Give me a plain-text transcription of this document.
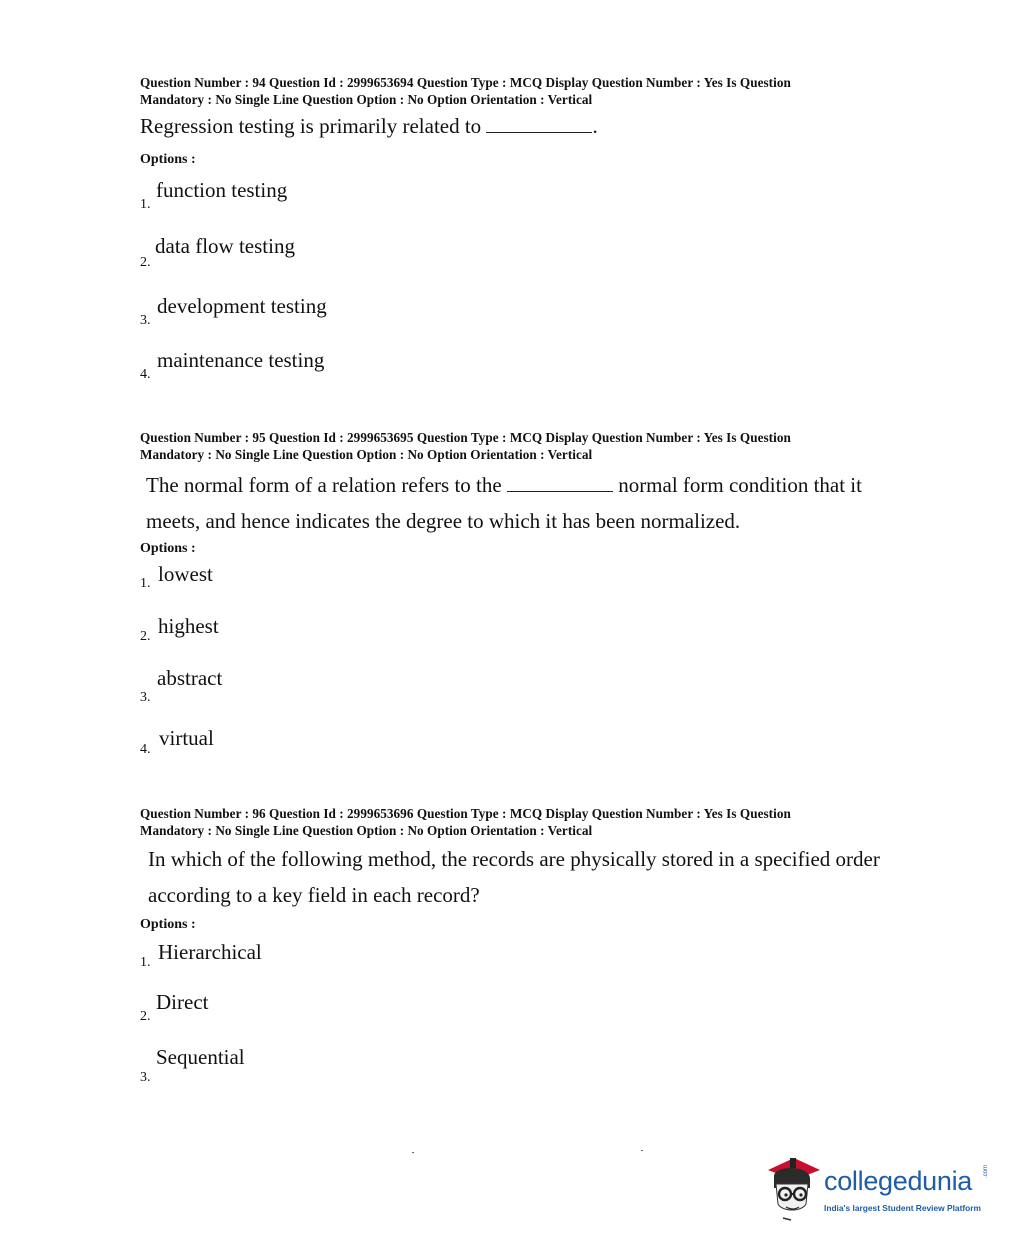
Question Number : 94 Question Id : 2999653694 Question Type : MCQ Display Question Number : Yes Is Question

Mandatory : No Single Line Question Option : No Option Orientation : Vertical

Regression testing is primarily related to	.

Options :
1.
function testing
2.
data flow testing
3.
development testing
4.
maintenance testing

Question Number : 95 Question Id : 2999653695 Question Type : MCQ Display Question Number : Yes Is Question

Mandatory : No Single Line Question Option : No Option Orientation : Vertical

The normal form of a relation refers to the	normal form condition that it

meets, and hence indicates the degree to which it has been normalized.

Options :
1. lowest
2. highest
3.
abstract
4. virtual

Question Number : 96 Question Id : 2999653696 Question Type : MCQ Display Question Number : Yes Is Question

Mandatory : No Single Line Question Option : No Option Orientation : Vertical

In which of the following method, the records are physically stored in a specified order

according to a key field in each record?

Options :
1. Hierarchical
2.
Direct
3.
Sequential
collegedunia .com
India's largest Student Review Platform
